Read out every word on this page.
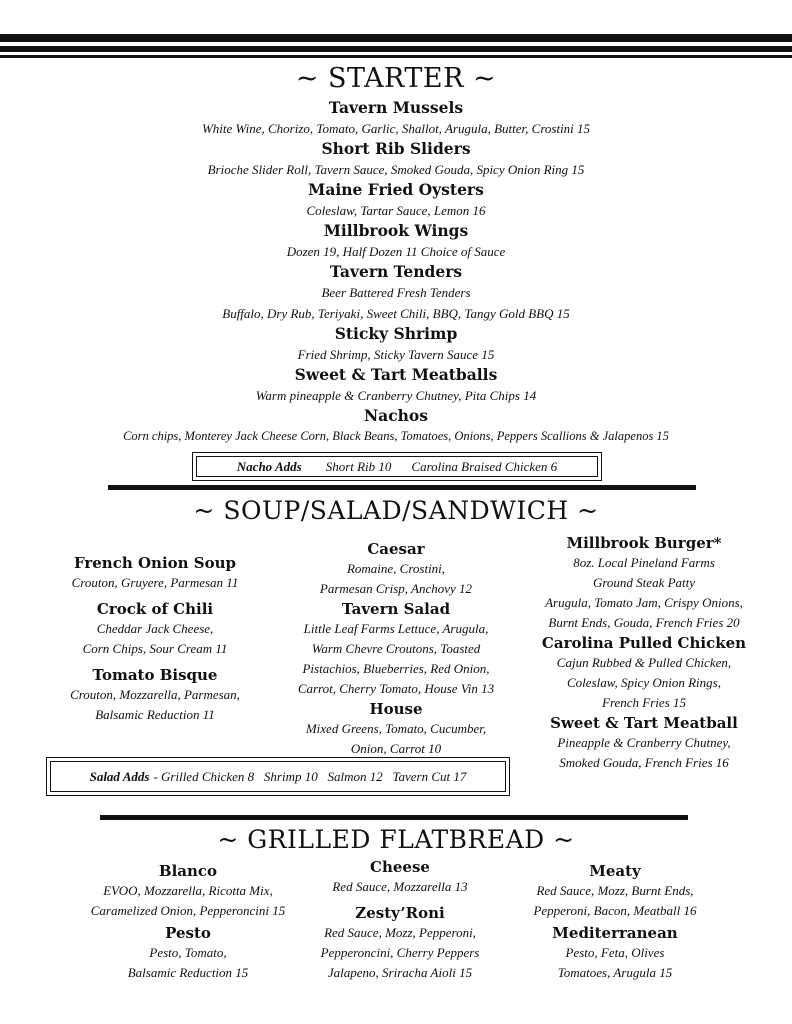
~ STARTER ~
Tavern Mussels
White Wine, Chorizo, Tomato, Garlic, Shallot, Arugula, Butter, Crostini 15
Short Rib Sliders
Brioche Slider Roll, Tavern Sauce, Smoked Gouda, Spicy Onion Ring 15
Maine Fried Oysters
Coleslaw, Tartar Sauce, Lemon 16
Millbrook Wings
Dozen 19, Half Dozen 11 Choice of Sauce
Tavern Tenders
Beer Battered Fresh Tenders
Buffalo, Dry Rub, Teriyaki, Sweet Chili, BBQ, Tangy Gold BBQ 15
Sticky Shrimp
Fried Shrimp, Sticky Tavern Sauce 15
Sweet & Tart Meatballs
Warm pineapple & Cranberry Chutney, Pita Chips 14
Nachos
Corn chips, Monterey Jack Cheese Corn, Black Beans, Tomatoes, Onions, Peppers Scallions & Jalapenos 15
Nacho Adds Short Rib 10 Carolina Braised Chicken 6
~ SOUP/SALAD/SANDWICH ~
French Onion Soup
Crouton, Gruyere, Parmesan 11
Crock of Chili
Cheddar Jack Cheese,
Corn Chips, Sour Cream 11
Tomato Bisque
Crouton, Mozzarella, Parmesan,
Balsamic Reduction 11
Caesar
Romaine, Crostini,
Parmesan Crisp, Anchovy 12
Tavern Salad
Little Leaf Farms Lettuce, Arugula,
Warm Chevre Croutons, Toasted
Pistachios, Blueberries, Red Onion,
Carrot, Cherry Tomato, House Vin 13
House
Mixed Greens, Tomato, Cucumber,
Onion, Carrot 10
Millbrook Burger*
8oz. Local Pineland Farms
Ground Steak Patty
Arugula, Tomato Jam, Crispy Onions,
Burnt Ends, Gouda, French Fries 20
Carolina Pulled Chicken
Cajun Rubbed & Pulled Chicken,
Coleslaw, Spicy Onion Rings,
French Fries 15
Sweet & Tart Meatball
Pineapple & Cranberry Chutney,
Smoked Gouda, French Fries 16
Salad Adds - Grilled Chicken 8   Shrimp 10   Salmon 12   Tavern Cut 17
~ GRILLED FLATBREAD ~
Blanco
EVOO, Mozzarella, Ricotta Mix,
Caramelized Onion, Pepperoncini 15
Pesto
Pesto, Tomato,
Balsamic Reduction 15
Cheese
Red Sauce, Mozzarella 13
Zesty’Roni
Red Sauce, Mozz, Pepperoni,
Pepperoncini, Cherry Peppers
Jalapeno, Sriracha Aioli 15
Meaty
Red Sauce, Mozz, Burnt Ends,
Pepperoni, Bacon, Meatball 16
Mediterranean
Pesto, Feta, Olives
Tomatoes, Arugula 15
